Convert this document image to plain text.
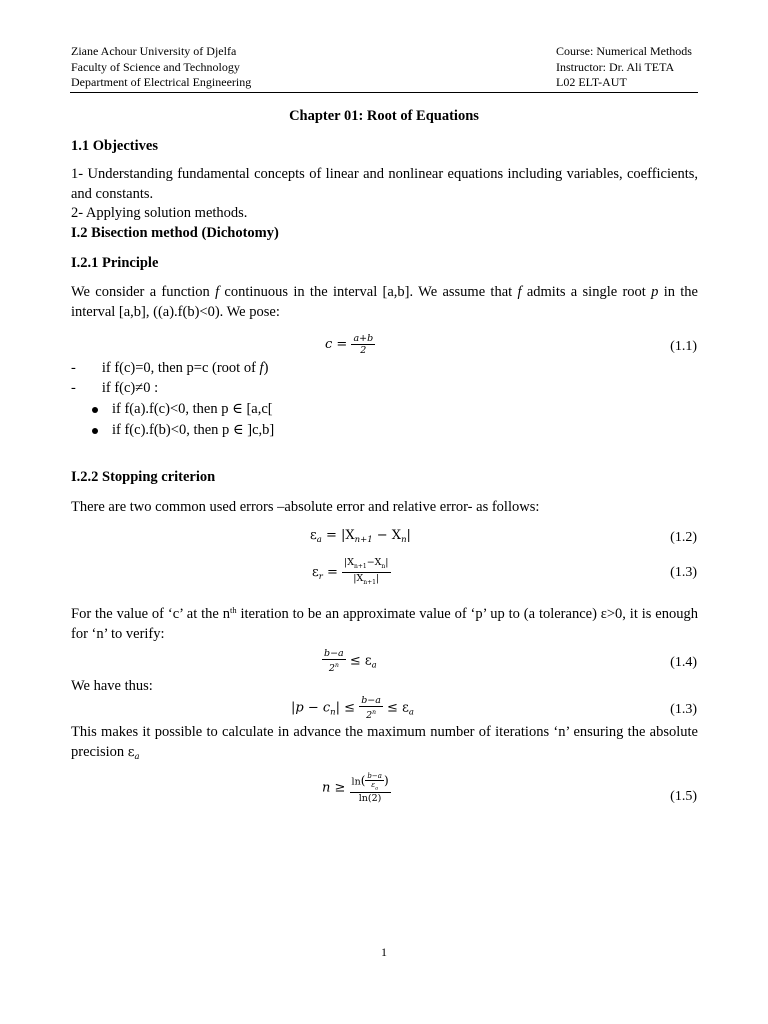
Ziane Achour University of Djelfa
Faculty of Science and Technology
Department of Electrical Engineering
Course: Numerical Methods
Instructor: Dr. Ali TETA
L02 ELT-AUT
Chapter 01: Root of Equations
1.1 Objectives
1- Understanding fundamental concepts of linear and nonlinear equations including variables, coefficients, and constants.
2- Applying solution methods.
I.2 Bisection method (Dichotomy)
I.2.1 Principle
We consider a function f continuous in the interval [a,b]. We assume that f admits a single root p in the interval [a,b], ((a).f(b)<0). We pose:
$c = \frac{a+b}{2}$	(1.1)
- if f(c)=0, then p=c (root of f)
- if f(c)≠0 :
if f(a).f(c)<0, then p ∈ [a,c[
if f(c).f(b)<0, then p ∈ ]c,b]
I.2.2 Stopping criterion
There are two common used errors –absolute error and relative error- as follows:
$\varepsilon_a = |X_{n+1} - X_n|$	(1.2)
$\varepsilon_r = \frac{|X_{n+1}-X_n|}{|X_{n+1}|}$	(1.3)
For the value of ‘c’ at the $n^{th}$ iteration to be an approximate value of ‘p’ up to (a tolerance) ε>0, it is enough for ‘n’ to verify:
$\frac{b-a}{2^n} \le \varepsilon_a$	(1.4)
We have thus:
$|p - c_n| \le \frac{b-a}{2^n} \le \varepsilon_a$	(1.3)
This makes it possible to calculate in advance the maximum number of iterations ‘n’ ensuring the absolute precision $\varepsilon_a$
$n \ge \frac{\ln( \frac{b-a}{\varepsilon_a} )}{\ln(2)}$	(1.5)
1
